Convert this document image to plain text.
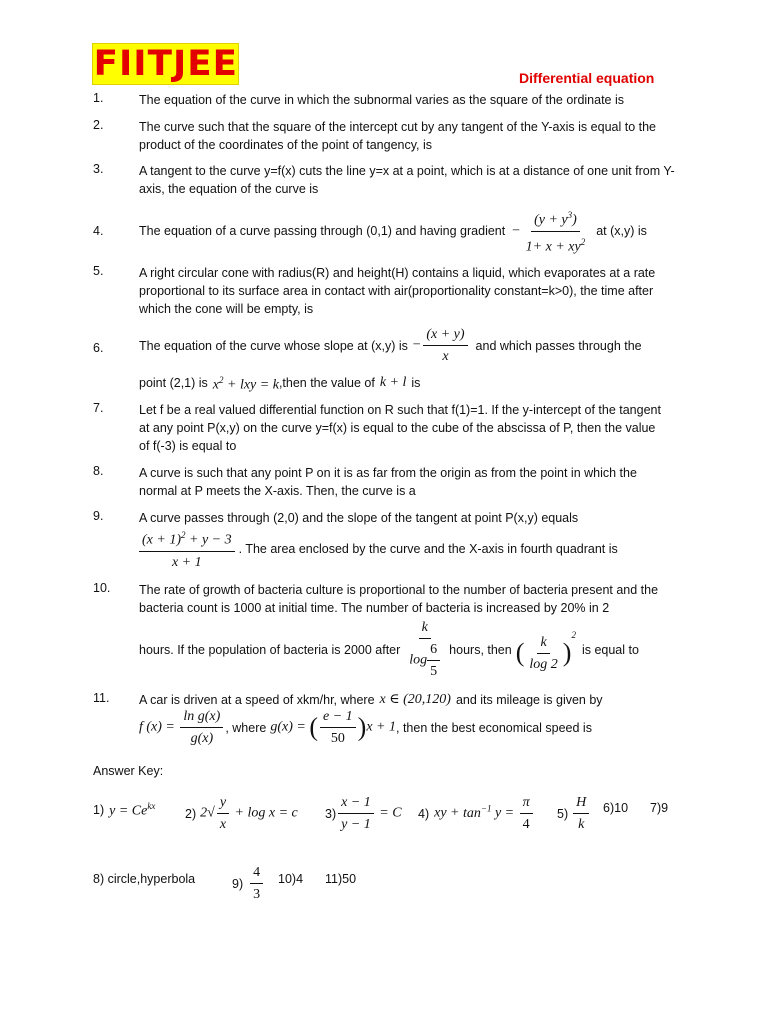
FIITJEE	Differential equation
1.	The equation of the curve in which the subnormal varies as the square of the ordinate is

2.	The curve such that the square of the intercept cut by any tangent of the Y-axis is equal to the product of the coordinates of the point of tangency, is

3.	A tangent to the curve y=f(x) cuts the line y=x at a point, which is at a distance of one unit from Y-axis, the equation of the curve is

4.	The equation of a curve passing through (0,1) and having gradient − $\frac{(y + y^3)}{1+ x + xy^2}$ at (x,y) is
5.	A right circular cone with radius(R) and height(H) contains a liquid, which evaporates at a rate proportional to its surface area in contact with air(proportionality constant=k>0), the time after which the cone will be empty, is

6.	The equation of the curve whose slope at (x,y) is − $\frac{(x + y)}{x}$ and which passes through the
point (2,1) is $x^2$ + lxy = k ,then the value of k + l is
7.	Let f be a real valued differential function on R such that f(1)=1. If the y-intercept of the tangent at any point P(x,y) on the curve y=f(x) is equal to the cube of the abscissa of P, then the value of f(-3) is equal to

8.	A curve is such that any point P on it is as far from the origin as from the point in which the normal at P meets the X-axis. Then, the curve is a

9.	A curve passes through (2,0) and the slope of the tangent at point P(x,y) equals

$\frac{(x + 1)^2 + y - 3}{x + 1}$ . The area enclosed by the curve and the X-axis in fourth quadrant is
10. The rate of growth of bacteria culture is proportional to the number of bacteria present and the bacteria count is 1000 at initial time. The number of bacteria is increased by 20% in 2

hours. If the population of bacteria is 2000 after $\frac{k}{\log \frac{6}{5}}$ hours, then ( $\frac{k}{\log 2} )^2$
is equal to
11. A car is driven at a speed of xkm/hr, where x ∈ (20,120) and its mileage is given by
f $(x) = \frac{\text{ln g(x)}}{g(x)}$ , where g(x) = ( $\frac{e - 1}{50} )x + 1$ , then the best economical speed is
Answer Key:
1) $y = Ce^{kx}$
2) $2√ \frac{y}{x} + \log x = c$ $3) \frac{x - 1}{y - 1} = C$ 4) xy + $\tan^{-1} y = \frac{\pi}{4} 5) \frac{H}{k} 6)10$ 7)9
8) circle,hyperbola	$9) \frac{4}{3} 10)4$ 11)50
